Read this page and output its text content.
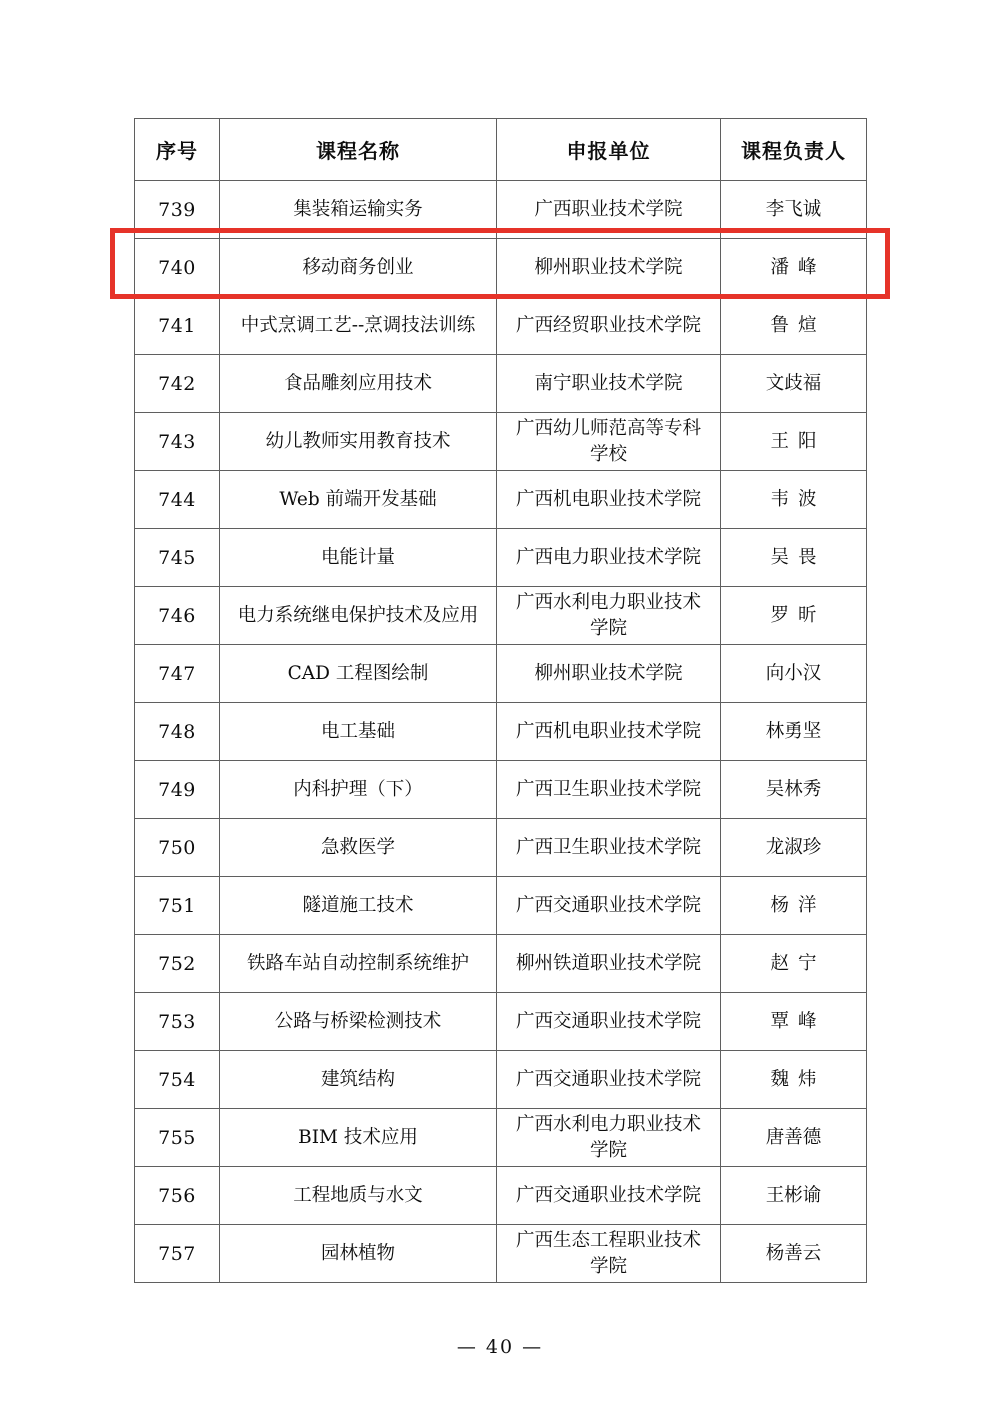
序号	课程名称	申报单位	课程负责人
739	集装箱运输实务	广西职业技术学院	李飞诚
740	移动商务创业	柳州职业技术学院	潘峰
741	中式烹调工艺--烹调技法训练	广西经贸职业技术学院	鲁煊
742	食品雕刻应用技术	南宁职业技术学院	文歧福
743	幼儿教师实用教育技术	广西幼儿师范高等专科学校	王阳
744	Web 前端开发基础	广西机电职业技术学院	韦波
745	电能计量	广西电力职业技术学院	吴畏
746	电力系统继电保护技术及应用	广西水利电力职业技术学院	罗昕
747	CAD 工程图绘制	柳州职业技术学院	向小汉
748	电工基础	广西机电职业技术学院	林勇坚
749	内科护理（下）	广西卫生职业技术学院	吴林秀
750	急救医学	广西卫生职业技术学院	龙淑珍
751	隧道施工技术	广西交通职业技术学院	杨洋
752	铁路车站自动控制系统维护	柳州铁道职业技术学院	赵宁
753	公路与桥梁检测技术	广西交通职业技术学院	覃峰
754	建筑结构	广西交通职业技术学院	魏炜
755	BIM 技术应用	广西水利电力职业技术学院	唐善德
756	工程地质与水文	广西交通职业技术学院	王彬谕
757	园林植物	广西生态工程职业技术学院	杨善云
— 40 —
